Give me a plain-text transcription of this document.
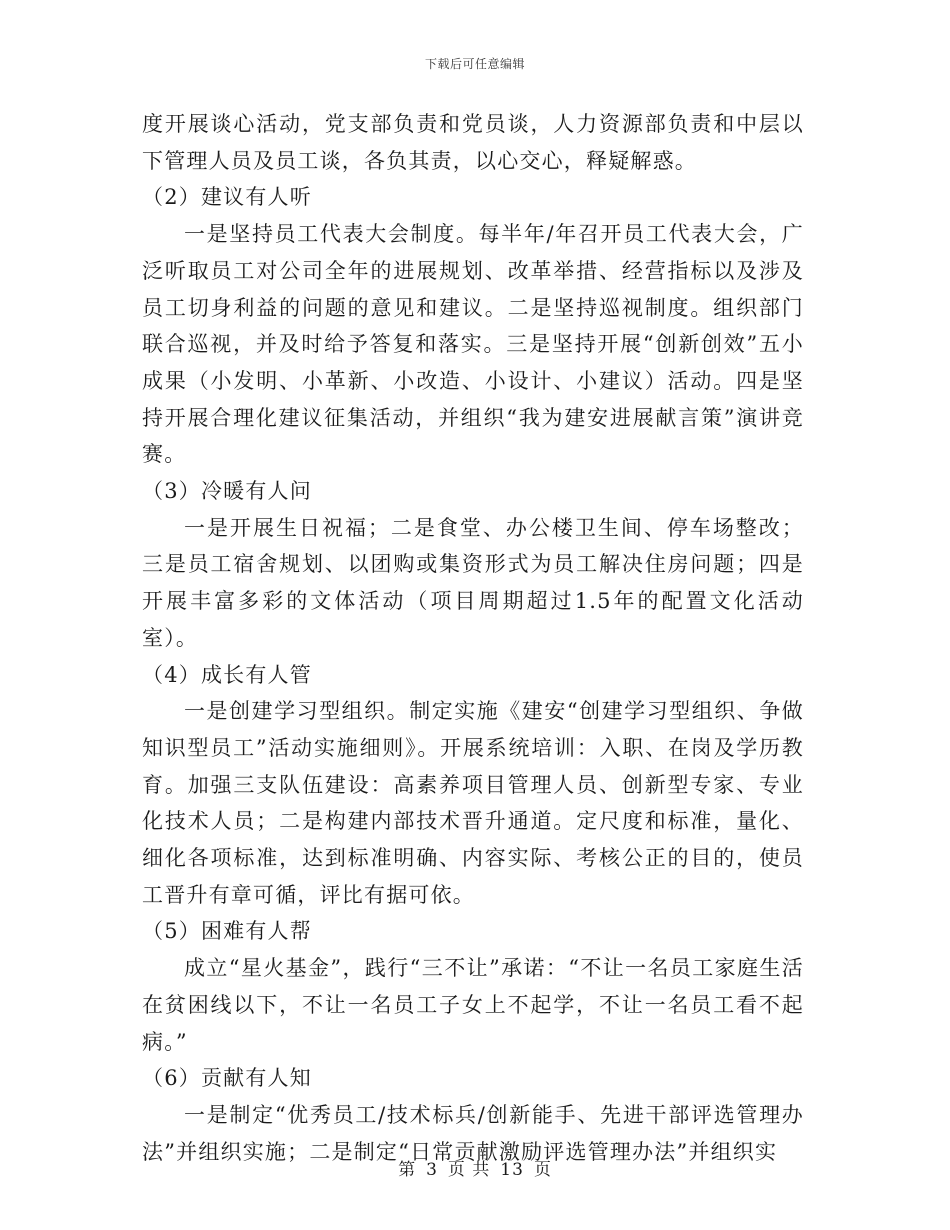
下载后可任意编辑

度开展谈心活动，党支部负责和党员谈，人力资源部负责和中层以下管理人员及员工谈，各负其责，以心交心，释疑解惑。

（2）建议有人听

一是坚持员工代表大会制度。每半年/年召开员工代表大会，广泛听取员工对公司全年的进展规划、改革举措、经营指标以及涉及员工切身利益的问题的意见和建议。二是坚持巡视制度。组织部门联合巡视，并及时给予答复和落实。三是坚持开展“创新创效”五小成果（小发明、小革新、小改造、小设计、小建议）活动。四是坚持开展合理化建议征集活动，并组织“我为建安进展献言策”演讲竞赛。

（3）冷暖有人问

一是开展生日祝福；二是食堂、办公楼卫生间、停车场整改；三是员工宿舍规划、以团购或集资形式为员工解决住房问题；四是开展丰富多彩的文体活动（项目周期超过1.5年的配置文化活动室）。

（4）成长有人管

一是创建学习型组织。制定实施《建安“创建学习型组织、争做知识型员工”活动实施细则》。开展系统培训：入职、在岗及学历教育。加强三支队伍建设：高素养项目管理人员、创新型专家、专业化技术人员；二是构建内部技术晋升通道。定尺度和标准，量化、细化各项标准，达到标准明确、内容实际、考核公正的目的，使员工晋升有章可循，评比有据可依。

（5）困难有人帮

成立“星火基金”，践行“三不让”承诺：“不让一名员工家庭生活在贫困线以下，不让一名员工子女上不起学，不让一名员工看不起病。”

（6）贡献有人知

一是制定“优秀员工/技术标兵/创新能手、先进干部评选管理办法”并组织实施；二是制定“日常贡献激励评选管理办法”并组织实

第 3 页 共 13 页
